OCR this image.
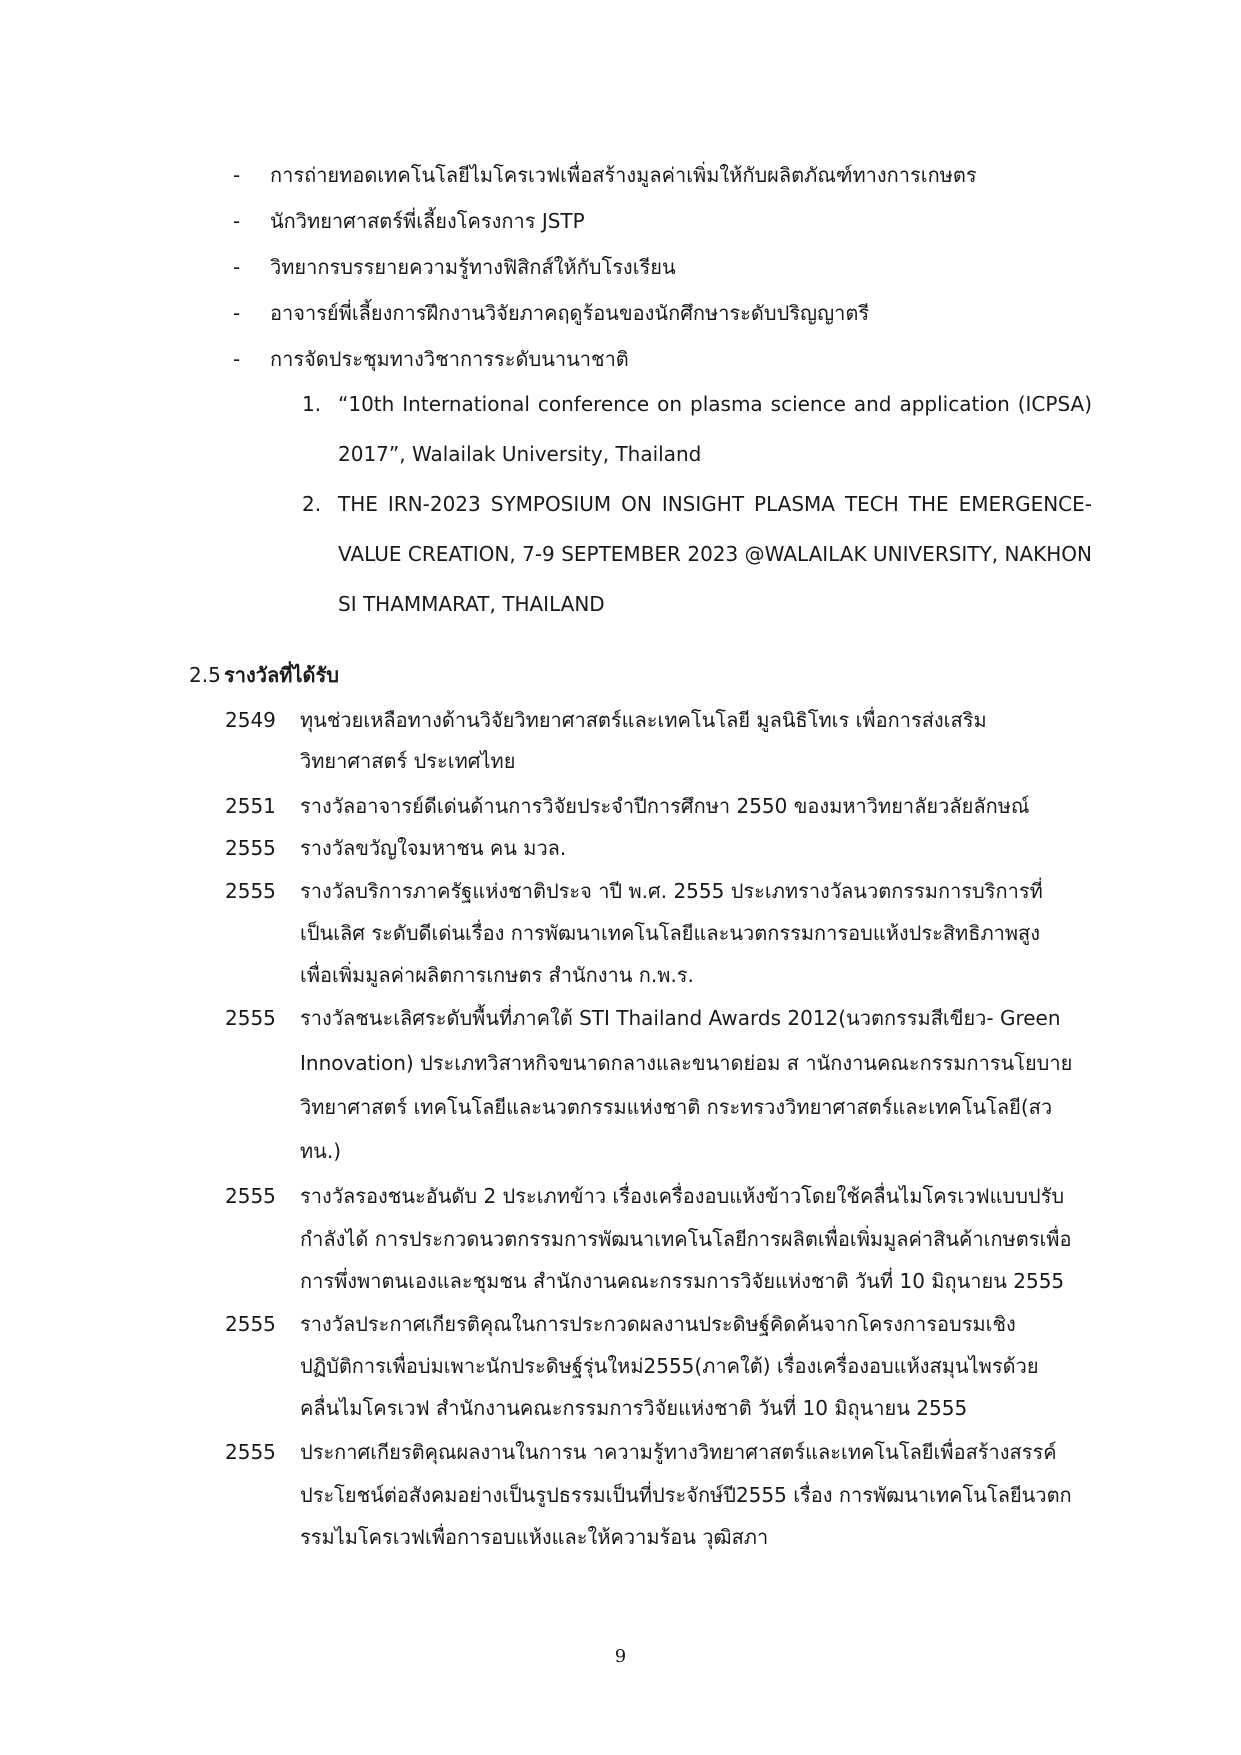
- การถ่ายทอดเทคโนโลยีไมโครเวฟเพื่อสร้างมูลค่าเพิ่มให้กับผลิตภัณฑ์ทางการเกษตร
- นักวิทยาศาสตร์พี่เลี้ยงโครงการ JSTP
- วิทยากรบรรยายความรู้ทางฟิสิกส์ให้กับโรงเรียน
- อาจารย์พี่เลี้ยงการฝึกงานวิจัยภาคฤดูร้อนของนักศึกษาระดับปริญญาตรี
- การจัดประชุมทางวิชาการระดับนานาชาติ
1. “10th International conference on plasma science and application (ICPSA)
2017”, Walailak University, Thailand
2. THE IRN-2023 SYMPOSIUM ON INSIGHT PLASMA TECH THE EMERGENCE-
VALUE CREATION, 7-9 SEPTEMBER 2023 @WALAILAK UNIVERSITY, NAKHON
SI THAMMARAT, THAILAND
2.5 รางวัลที่ได้รับ
2549 ทุนช่วยเหลือทางด้านวิจัยวิทยาศาสตร์และเทคโนโลยี มูลนิธิโทเร เพื่อการส่งเสริม
วิทยาศาสตร์ ประเทศไทย
2551 รางวัลอาจารย์ดีเด่นด้านการวิจัยประจำปีการศึกษา 2550 ของมหาวิทยาลัยวลัยลักษณ์
2555 รางวัลขวัญใจมหาชน คน มวล.
2555 รางวัลบริการภาครัฐแห่งชาติประจ าปี พ.ศ. 2555 ประเภทรางวัลนวตกรรมการบริการที่
เป็นเลิศ ระดับดีเด่นเรื่อง การพัฒนาเทคโนโลยีและนวตกรรมการอบแห้งประสิทธิภาพสูง
เพื่อเพิ่มมูลค่าผลิตการเกษตร สำนักงาน ก.พ.ร.
2555 รางวัลชนะเลิศระดับพื้นที่ภาคใต้ STI Thailand Awards 2012(นวตกรรมสีเขียว- Green
Innovation) ประเภทวิสาหกิจขนาดกลางและขนาดย่อม ส านักงานคณะกรรมการนโยบาย
วิทยาศาสตร์ เทคโนโลยีและนวตกรรมแห่งชาติ กระทรวงวิทยาศาสตร์และเทคโนโลยี(สว
ทน.)
2555 รางวัลรองชนะอันดับ 2 ประเภทข้าว เรื่องเครื่องอบแห้งข้าวโดยใช้คลื่นไมโครเวฟแบบปรับ
กำลังได้ การประกวดนวตกรรมการพัฒนาเทคโนโลยีการผลิตเพื่อเพิ่มมูลค่าสินค้าเกษตรเพื่อ
การพึ่งพาตนเองและชุมชน สำนักงานคณะกรรมการวิจัยแห่งชาติ วันที่ 10 มิถุนายน 2555
2555 รางวัลประกาศเกียรติคุณในการประกวดผลงานประดิษฐ์คิดค้นจากโครงการอบรมเชิง
ปฏิบัติการเพื่อบ่มเพาะนักประดิษฐ์รุ่นใหม่2555(ภาคใต้) เรื่องเครื่องอบแห้งสมุนไพรด้วย
คลื่นไมโครเวฟ สำนักงานคณะกรรมการวิจัยแห่งชาติ วันที่ 10 มิถุนายน 2555
2555 ประกาศเกียรติคุณผลงานในการน าความรู้ทางวิทยาศาสตร์และเทคโนโลยีเพื่อสร้างสรรค์
ประโยชน์ต่อสังคมอย่างเป็นรูปธรรมเป็นที่ประจักษ์ปี2555 เรื่อง การพัฒนาเทคโนโลยีนวตก
รรมไมโครเวฟเพื่อการอบแห้งและให้ความร้อน วุฒิสภา
9
